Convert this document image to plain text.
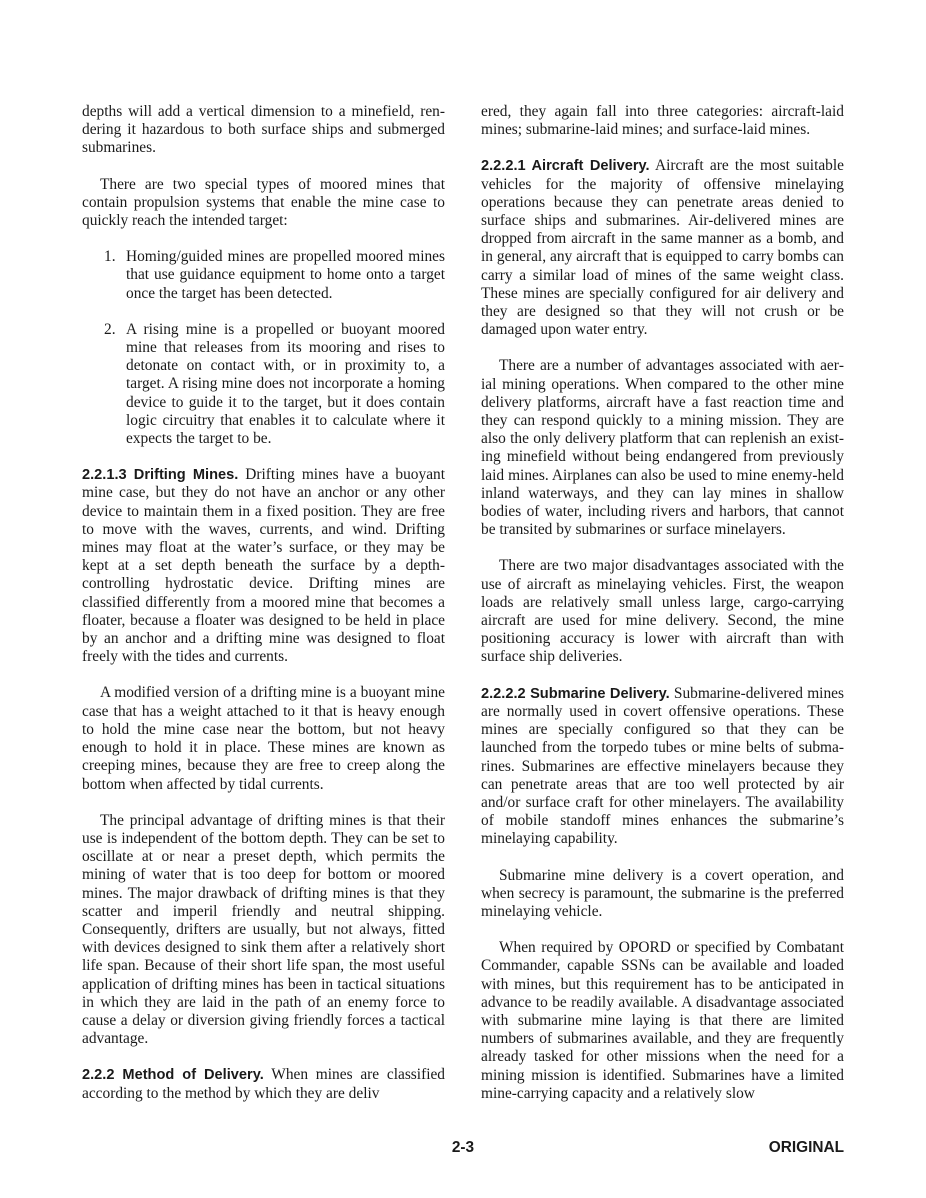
depths will add a vertical dimension to a minefield, rendering it hazardous to both surface ships and submerged submarines.

There are two special types of moored mines that contain propulsion systems that enable the mine case to quickly reach the intended target:

1. Homing/guided mines are propelled moored mines that use guidance equipment to home onto a target once the target has been detected.
2. A rising mine is a propelled or buoyant moored mine that releases from its mooring and rises to detonate on contact with, or in proximity to, a target. A rising mine does not incorporate a homing device to guide it to the target, but it does contain logic circuitry that enables it to calculate where it expects the target to be.

2.2.1.3 Drifting Mines. Drifting mines have a buoyant mine case, but they do not have an anchor or any other device to maintain them in a fixed position. They are free to move with the waves, currents, and wind. Drifting mines may float at the water’s surface, or they may be kept at a set depth beneath the surface by a depth-controlling hydrostatic device. Drifting mines are classified differently from a moored mine that becomes a floater, because a floater was designed to be held in place by an anchor and a drifting mine was designed to float freely with the tides and currents.

A modified version of a drifting mine is a buoyant mine case that has a weight attached to it that is heavy enough to hold the mine case near the bottom, but not heavy enough to hold it in place. These mines are known as creeping mines, because they are free to creep along the bottom when affected by tidal currents.

The principal advantage of drifting mines is that their use is independent of the bottom depth. They can be set to oscillate at or near a preset depth, which permits the mining of water that is too deep for bottom or moored mines. The major drawback of drifting mines is that they scatter and imperil friendly and neutral shipping. Consequently, drifters are usually, but not always, fitted with devices designed to sink them after a relatively short life span. Because of their short life span, the most useful application of drifting mines has been in tactical situations in which they are laid in the path of an enemy force to cause a delay or diversion giving friendly forces a tactical advantage.

2.2.2 Method of Delivery. When mines are classified according to the method by which they are deliv

ered, they again fall into three categories: aircraft-laid mines; submarine-laid mines; and surface-laid mines.

2.2.2.1 Aircraft Delivery. Aircraft are the most suitable vehicles for the majority of offensive minelaying operations because they can penetrate areas denied to surface ships and submarines. Air-delivered mines are dropped from aircraft in the same manner as a bomb, and in general, any aircraft that is equipped to carry bombs can carry a similar load of mines of the same weight class. These mines are specially configured for air delivery and they are designed so that they will not crush or be damaged upon water entry.

There are a number of advantages associated with aerial mining operations. When compared to the other mine delivery platforms, aircraft have a fast reaction time and they can respond quickly to a mining mission. They are also the only delivery platform that can replenish an existing minefield without being endangered from previously laid mines. Airplanes can also be used to mine enemy-held inland waterways, and they can lay mines in shallow bodies of water, including rivers and harbors, that cannot be transited by submarines or surface minelayers.

There are two major disadvantages associated with the use of aircraft as minelaying vehicles. First, the weapon loads are relatively small unless large, cargo-carrying aircraft are used for mine delivery. Second, the mine positioning accuracy is lower with aircraft than with surface ship deliveries.

2.2.2.2 Submarine Delivery. Submarine-delivered mines are normally used in covert offensive operations. These mines are specially configured so that they can be launched from the torpedo tubes or mine belts of submarines. Submarines are effective minelayers because they can penetrate areas that are too well protected by air and/or surface craft for other minelayers. The availability of mobile standoff mines enhances the submarine’s minelaying capability.

Submarine mine delivery is a covert operation, and when secrecy is paramount, the submarine is the preferred minelaying vehicle.

When required by OPORD or specified by Combatant Commander, capable SSNs can be available and loaded with mines, but this requirement has to be anticipated in advance to be readily available. A disadvantage associated with submarine mine laying is that there are limited numbers of submarines available, and they are frequently already tasked for other missions when the need for a mining mission is identified. Submarines have a limited mine-carrying capacity and a relatively slow

2-3	ORIGINAL
